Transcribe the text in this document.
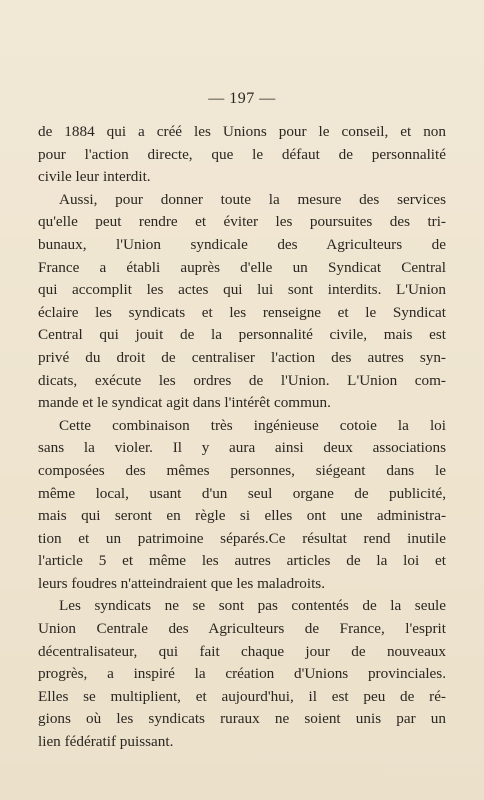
— 197 —
de 1884 qui a créé les Unions pour le conseil, et non
pour l'action directe, que le défaut de personnalité
civile leur interdit.
Aussi, pour donner toute la mesure des services
qu'elle peut rendre et éviter les poursuites des tri-
bunaux, l'Union syndicale des Agriculteurs de
France a établi auprès d'elle un Syndicat Central
qui accomplit les actes qui lui sont interdits. L'Union
éclaire les syndicats et les renseigne et le Syndicat
Central qui jouit de la personnalité civile, mais est
privé du droit de centraliser l'action des autres syn-
dicats, exécute les ordres de l'Union. L'Union com-
mande et le syndicat agit dans l'intérêt commun.
Cette combinaison très ingénieuse cotoie la loi
sans la violer. Il y aura ainsi deux associations
composées des mêmes personnes, siégeant dans le
même local, usant d'un seul organe de publicité,
mais qui seront en règle si elles ont une administra-
tion et un patrimoine séparés.Ce résultat rend inutile
l'article 5 et même les autres articles de la loi et
leurs foudres n'atteindraient que les maladroits.
Les syndicats ne se sont pas contentés de la seule
Union Centrale des Agriculteurs de France, l'esprit
décentralisateur, qui fait chaque jour de nouveaux
progrès, a inspiré la création d'Unions provinciales.
Elles se multiplient, et aujourd'hui, il est peu de ré-
gions où les syndicats ruraux ne soient unis par un
lien fédératif puissant.
